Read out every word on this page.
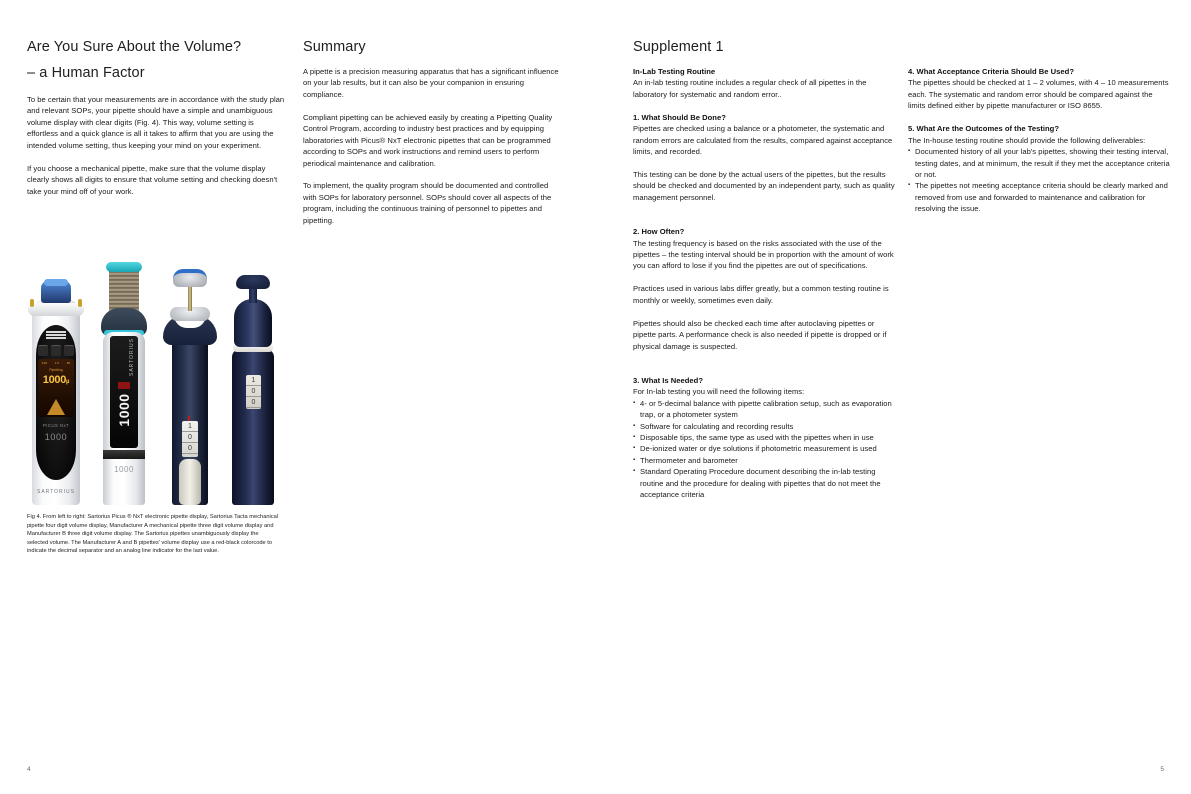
Are You Sure About the Volume?
– a Human Factor

To be certain that your measurements are in accordance with the study plan and relevant SOPs, your pipette should have a simple and unambiguous volume display with clear digits (Fig. 4). This way, volume setting is effortless and a quick glance is all it takes to affirm that you are using the intended volume setting, thus keeping your mind on your experiment.

If you choose a mechanical pipette, make sure that the volume display clearly shows all digits to ensure that volume setting and checking doesn't take your mind off of your work.

100	1.0	50
Pipetting
1000µ
PICUS NxT
1000
SARTORIUS
SARTORIUS
1000
1000
1
0
0
1
0
0
Fig 4. From left to right: Sartorius Picus ® NxT electronic pipette display, Sartorius Tacta mechanical pipette four digit volume display, Manufacturer A mechanical pipette three digit volume display and Manufacturer B three digit volume display. The Sartorius pipettes unambiguously display the selected volume. The Manufacturer A and B pipettes' volume display use a red-black colorcode to indicate the decimal separator and an analog line indicator for the last value.
Summary

A pipette is a precision measuring apparatus that has a significant influence on your lab results, but it can also be your companion in ensuring compliance.

Compliant pipetting can be achieved easily by creating a Pipetting Quality Control Program, according to industry best practices and by equipping laboratories with Picus® NxT electronic pipettes that can be programmed according to SOPs and work instructions and remind users to perform periodical maintenance and calibration.

To implement, the quality program should be documented and controlled with SOPs for laboratory personnel. SOPs should cover all aspects of the program, including the continuous training of personnel to pipettes and pipetting.

Supplement 1
In-Lab Testing Routine
An in-lab testing routine includes a regular check of all pipettes in the laboratory for systematic and random error..
1. What Should Be Done?

Pipettes are checked using a balance or a photometer, the systematic and random errors are calculated from the results, compared against acceptance limits, and recorded.

This testing can be done by the actual users of the pipettes, but the results should be checked and documented by an independent party, such as quality management personnel.

2. How Often?

The testing frequency is based on the risks associated with the use of the pipettes – the testing interval should be in proportion with the amount of work you can afford to lose if you find the pipettes are out of specifications.

Practices used in various labs differ greatly, but a common testing routine is monthly or weekly, sometimes even daily.

Pipettes should also be checked each time after autoclaving pipettes or pipette parts. A performance check is also needed if pipette is dropped or if physical damage is suspected.

3. What Is Needed?
For In-lab testing you will need the following items:
▪ 4- or 5-decimal balance with pipette calibration setup, such as evaporation trap, or a photometer system
▪ Software for calculating and recording results
▪ Disposable tips, the same type as used with the pipettes when in use
▪ De-ionized water or dye solutions if photometric measurement is used
▪ Thermometer and barometer
▪ Standard Operating Procedure document describing the in-lab testing routine and the procedure for dealing with pipettes that do not meet the acceptance criteria
4. What Acceptance Criteria Should Be Used?

The pipettes should be checked at 1 – 2 volumes, with 4 – 10 measurements each. The systematic and random error should be compared against the limits defined either by pipette manufacturer or ISO 8655.

5. What Are the Outcomes of the Testing?
The In-house testing routine should provide the following deliverables:
▪ Documented history of all your lab's pipettes, showing their testing interval, testing dates, and at minimum, the result if they met the acceptance criteria or not.
▪ The pipettes not meeting acceptance criteria should be clearly marked and removed from use and forwarded to maintenance and calibration for resolving the issue.
4	5
